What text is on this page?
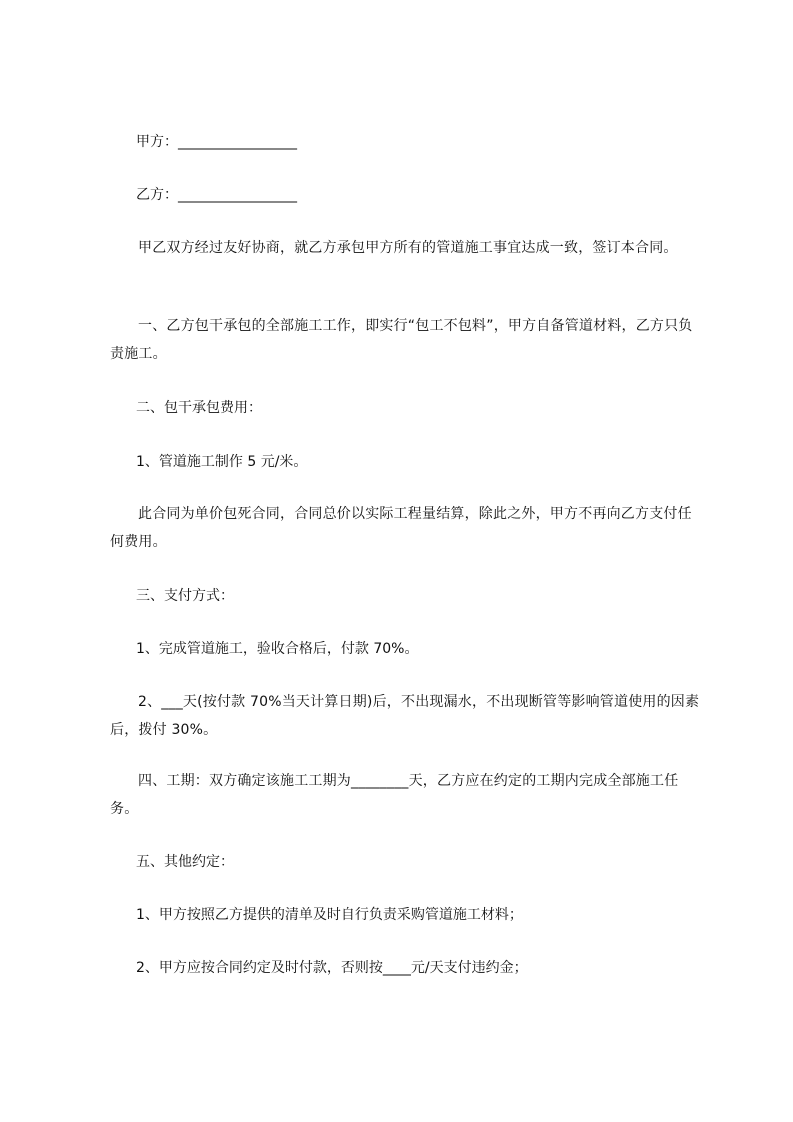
甲方：_________________

乙方：_________________

甲乙双方经过友好协商，就乙方承包甲方所有的管道施工事宜达成一致，签订本合同。

一、乙方包干承包的全部施工工作，即实行“包工不包料”，甲方自备管道材料，乙方只负责施工。

二、包干承包费用：

1、管道施工制作 5 元/米。

此合同为单价包死合同，合同总价以实际工程量结算，除此之外，甲方不再向乙方支付任何费用。

三、支付方式：

1、完成管道施工，验收合格后，付款 70%。

2、___天(按付款 70%当天计算日期)后，不出现漏水，不出现断管等影响管道使用的因素后，拨付 30%。

四、工期：双方确定该施工工期为________天，乙方应在约定的工期内完成全部施工任务。

五、其他约定：

1、甲方按照乙方提供的清单及时自行负责采购管道施工材料；

2、甲方应按合同约定及时付款，否则按____元/天支付违约金；
